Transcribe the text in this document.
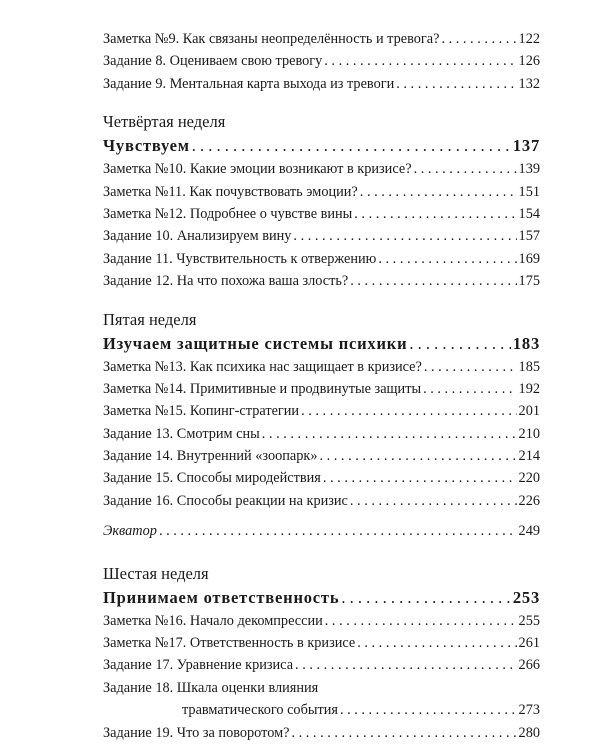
Заметка №9. Как связаны неопределённость и тревога? . . .	122
Задание 8. Оцениваем свою тревогу . . .	126
Задание 9. Ментальная карта выхода из тревоги . . .	132
Четвёртая неделя
Чувствуем . . .	137
Заметка №10. Какие эмоции возникают в кризисе? . . .	139
Заметка №11. Как почувствовать эмоции? . . .	151
Заметка №12. Подробнее о чувстве вины . . .	154
Задание 10. Анализируем вину . . .	157
Задание 11. Чувствительность к отвержению . . .	169
Задание 12. На что похожа ваша злость? . . .	175
Пятая неделя
Изучаем защитные системы психики . . .	183
Заметка №13. Как психика нас защищает в кризисе? . . .	185
Заметка №14. Примитивные и продвинутые защиты . . .	192
Заметка №15. Копинг-стратегии . . .	201
Задание 13. Смотрим сны . . .	210
Задание 14. Внутренний «зоопарк» . . .	214
Задание 15. Способы миродействия . . .	220
Задание 16. Способы реакции на кризис . . .	226
Экватор . . .	249
Шестая неделя
Принимаем ответственность . . .	253
Заметка №16. Начало декомпрессии . . .	255
Заметка №17. Ответственность в кризисе . . .	261
Задание 17. Уравнение кризиса . . .	266
Задание 18. Шкала оценки влияния
травматического события . . .	273
Задание 19. Что за поворотом? . . .	280
